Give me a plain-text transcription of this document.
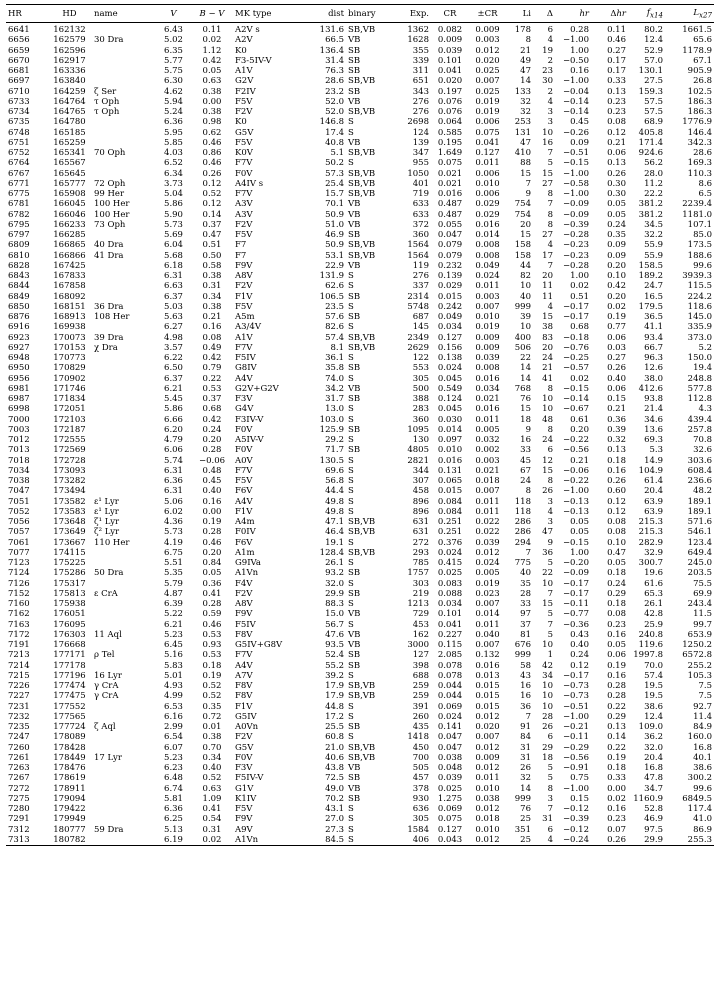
HR	HD	name	V	B − V	MK type	dist	binary	Exp.	CR	±CR	Li	Δ	hr	Δhr	$f_{x14}$	$L_{x27}$
6641	162132		6.43	0.11	A2V s	131.6	SB,VB	1362	0.082	0.009	178	6	0.28	0.11	80.2	1661.5
6656	162579	30 Dra	5.02	0.02	A2V	66.5	VB	1628	0.009	0.003	8	4	−1.00	0.46	12.4	65.6
6659	162596		6.35	1.12	K0	136.4	SB	355	0.039	0.012	21	19	1.00	0.27	52.9	1178.9
6670	162917		5.77	0.42	F3-5IV-V	31.4	SB	339	0.101	0.020	49	2	−0.50	0.17	57.0	67.1
6681	163336		5.75	0.05	A1V	76.3	SB	311	0.041	0.025	47	23	0.16	0.17	130.1	905.9
6697	163840		6.30	0.63	G2V	28.6	SB,VB	651	0.020	0.007	14	30	−1.00	0.33	27.5	26.8
6710	164259	ζ Ser	4.62	0.38	F2IV	23.2	SB	343	0.197	0.025	133	2	−0.04	0.13	159.3	102.5
6733	164764	τ Oph	5.94	0.00	F5V	52.0	VB	276	0.076	0.019	32	4	−0.14	0.23	57.5	186.3
6734	164765	τ Oph	5.24	0.38	F2V	52.0	SB,VB	276	0.076	0.019	32	3	−0.14	0.23	57.5	186.3
6735	164780		6.36	0.98	K0	146.8	S	2698	0.064	0.006	253	3	0.45	0.08	68.9	1776.9
6748	165185		5.95	0.62	G5V	17.4	S	124	0.585	0.075	131	10	−0.26	0.12	405.8	146.4
6751	165259		5.85	0.46	F5V	40.8	VB	139	0.195	0.041	47	16	0.09	0.21	171.4	342.3
6752	165341	70 Oph	4.03	0.86	K0V	5.1	SB,VB	347	1.649	0.127	410	7	−0.51	0.06	924.6	28.6
6764	165567		6.52	0.46	F7V	50.2	S	955	0.075	0.011	88	5	−0.15	0.13	56.2	169.3
6767	165645		6.34	0.26	F0V	57.3	SB,VB	1050	0.021	0.006	15	15	−1.00	0.26	28.0	110.3
6771	165777	72 Oph	3.73	0.12	A4IV s	25.4	SB,VB	401	0.021	0.010	7	27	−0.58	0.30	11.2	8.6
6775	165908	99 Her	5.04	0.52	F7V	15.7	SB,VB	719	0.016	0.006	9	8	−1.00	0.30	22.2	6.5
6781	166045	100 Her	5.86	0.12	A3V	70.1	VB	633	0.487	0.029	754	7	−0.09	0.05	381.2	2239.4
6782	166046	100 Her	5.90	0.14	A3V	50.9	VB	633	0.487	0.029	754	8	−0.09	0.05	381.2	1181.0
6795	166233	73 Oph	5.73	0.37	F2V	51.0	VB	372	0.055	0.016	20	8	−0.39	0.24	34.5	107.1
6797	166285		5.69	0.47	F5V	46.9	SB	360	0.047	0.014	15	27	−0.28	0.35	32.2	85.0
6809	166865	40 Dra	6.04	0.51	F7	50.9	SB,VB	1564	0.079	0.008	158	4	−0.23	0.09	55.9	173.5
6810	166866	41 Dra	5.68	0.50	F7	53.1	SB,VB	1564	0.079	0.008	158	17	−0.23	0.09	55.9	188.6
6828	167425		6.18	0.58	F9V	22.9	VB	119	0.232	0.049	44	7	−0.28	0.20	158.5	99.6
6843	167833		6.31	0.38	A8V	131.9	S	276	0.139	0.024	82	20	1.00	0.10	189.2	3939.3
6844	167858		6.63	0.31	F2V	62.6	S	337	0.029	0.011	10	11	0.02	0.42	24.7	115.5
6849	168092		6.37	0.34	F1V	106.5	SB	2314	0.015	0.003	40	11	0.51	0.20	16.5	224.2
6850	168151	36 Dra	5.03	0.38	F5V	23.5	S	5748	0.242	0.007	999	4	−0.17	0.02	179.5	118.6
6876	168913	108 Her	5.63	0.21	A5m	57.6	SB	687	0.049	0.010	39	15	−0.17	0.19	36.5	145.0
6916	169938		6.27	0.16	A3/4V	82.6	S	145	0.034	0.019	10	38	0.68	0.77	41.1	335.9
6923	170073	39 Dra	4.98	0.08	A1V	57.4	SB,VB	2349	0.127	0.009	400	83	−0.18	0.06	93.4	373.0
6927	170153	χ Dra	3.57	0.49	F7V	8.1	SB,VB	2629	0.156	0.009	506	20	−0.76	0.03	66.7	5.2
6948	170773		6.22	0.42	F5IV	36.1	S	122	0.138	0.039	22	24	−0.25	0.27	96.3	150.0
6950	170829		6.50	0.79	G8IV	35.8	SB	553	0.024	0.008	14	21	−0.57	0.26	12.6	19.4
6956	170902		6.37	0.22	A4V	74.0	S	305	0.045	0.016	14	41	0.02	0.40	38.0	248.8
6981	171746		6.21	0.53	G2V+G2V	34.2	VB	500	0.549	0.034	768	8	−0.15	0.06	412.6	577.8
6987	171834		5.45	0.37	F3V	31.7	SB	388	0.124	0.021	76	10	−0.14	0.15	93.8	112.8
6998	172051		5.86	0.68	G4V	13.0	S	283	0.045	0.016	15	10	−0.67	0.21	21.4	4.3
7000	172103		6.66	0.42	F3IV-V	103.0	S	360	0.030	0.011	18	48	0.61	0.36	34.6	439.4
7003	172187		6.20	0.24	F0V	125.9	SB	1095	0.014	0.005	9	8	0.20	0.39	13.6	257.8
7012	172555		4.79	0.20	A5IV-V	29.2	S	130	0.097	0.032	16	24	−0.22	0.32	69.3	70.8
7013	172569		6.06	0.28	F0V	71.7	SB	4805	0.010	0.002	33	6	−0.56	0.13	5.3	32.6
7018	172728		5.74	−0.06	A0V	130.5	S	2821	0.016	0.003	45	12	0.21	0.18	14.9	303.6
7034	173093		6.31	0.48	F7V	69.6	S	344	0.131	0.021	67	15	−0.06	0.16	104.9	608.4
7038	173282		6.36	0.45	F5V	56.8	S	307	0.065	0.018	24	8	−0.22	0.26	61.4	236.6
7047	173494		6.31	0.40	F6V	44.4	S	458	0.015	0.007	8	26	−1.00	0.60	20.4	48.2
7051	173582	ε¹ Lyr	5.06	0.16	A4V	49.8	S	896	0.084	0.011	118	3	−0.13	0.12	63.9	189.1
7052	173583	ε¹ Lyr	6.02	0.00	F1V	49.8	S	896	0.084	0.011	118	4	−0.13	0.12	63.9	189.1
7056	173648	ζ¹ Lyr	4.36	0.19	A4m	47.1	SB,VB	631	0.251	0.022	286	3	0.05	0.08	215.3	571.6
7057	173649	ζ² Lyr	5.73	0.28	F0IV	46.4	SB,VB	631	0.251	0.022	286	47	0.05	0.08	215.3	546.1
7061	173667	110 Her	4.19	0.46	F6V	19.1	S	272	0.376	0.039	294	9	−0.15	0.10	282.9	123.4
7077	174115		6.75	0.20	A1m	128.4	SB,VB	293	0.024	0.012	7	36	1.00	0.47	32.9	649.4
7123	175225		5.51	0.84	G9IVa	26.1	S	785	0.415	0.024	775	5	−0.20	0.05	300.7	245.0
7124	175286	50 Dra	5.35	0.05	A1Vn	93.2	SB	1757	0.025	0.005	40	22	−0.09	0.18	19.6	203.5
7126	175317		5.79	0.36	F4V	32.0	S	303	0.083	0.019	35	10	−0.17	0.24	61.6	75.5
7152	175813	ε CrA	4.87	0.41	F2V	29.9	SB	219	0.088	0.023	28	7	−0.17	0.29	65.3	69.9
7160	175938		6.39	0.28	A8V	88.3	S	1213	0.034	0.007	33	15	−0.11	0.18	26.1	243.4
7162	176051		5.22	0.59	F9V	15.0	VB	729	0.101	0.014	97	5	−0.77	0.08	42.8	11.5
7163	176095		6.21	0.46	F5IV	56.7	S	453	0.041	0.011	37	7	−0.36	0.23	25.9	99.7
7172	176303	11 Aql	5.23	0.53	F8V	47.6	VB	162	0.227	0.040	81	5	0.43	0.16	240.8	653.9
7191	176668		6.45	0.93	G5IV+G8V	93.5	VB	3000	0.115	0.007	676	10	0.40	0.05	119.6	1250.2
7213	177171	ρ Tel	5.16	0.53	F7V	52.4	SB	127	2.085	0.132	999	1	0.24	0.06	1997.8	6572.8
7214	177178		5.83	0.18	A4V	55.2	SB	398	0.078	0.016	58	42	0.12	0.19	70.0	255.2
7215	177196	16 Lyr	5.01	0.19	A7V	39.2	S	688	0.078	0.013	43	34	−0.17	0.16	57.4	105.3
7226	177474	γ CrA	4.93	0.52	F8V	17.9	SB,VB	259	0.044	0.015	16	10	−0.73	0.28	19.5	7.5
7227	177475	γ CrA	4.99	0.52	F8V	17.9	SB,VB	259	0.044	0.015	16	10	−0.73	0.28	19.5	7.5
7231	177552		6.53	0.35	F1V	44.8	S	391	0.069	0.015	36	10	−0.51	0.22	38.6	92.7
7232	177565		6.16	0.72	G5IV	17.2	S	260	0.024	0.012	7	28	−1.00	0.29	12.4	11.4
7235	177724	ζ Aql	2.99	0.01	A0Vn	25.5	SB	435	0.141	0.020	91	26	−0.21	0.13	109.0	84.9
7247	178089		6.54	0.38	F2V	60.8	S	1418	0.047	0.007	84	6	−0.11	0.14	36.2	160.0
7260	178428		6.07	0.70	G5V	21.0	SB,VB	450	0.047	0.012	31	29	−0.29	0.22	32.0	16.8
7261	178449	17 Lyr	5.23	0.34	F0V	40.6	SB,VB	700	0.038	0.009	31	18	−0.56	0.19	20.4	40.1
7263	178476		6.23	0.40	F3V	43.8	VB	505	0.048	0.012	26	5	−0.91	0.18	16.8	38.6
7267	178619		6.48	0.52	F5IV-V	72.5	SB	457	0.039	0.011	32	5	0.75	0.33	47.8	300.2
7272	178911		6.74	0.63	G1V	49.0	VB	378	0.025	0.010	14	8	−1.00	0.00	34.7	99.6
7275	179094		5.81	1.09	K1IV	70.2	SB	930	1.275	0.038	999	3	0.15	0.02	1160.9	6849.5
7280	179422		6.36	0.41	F5V	43.1	S	636	0.069	0.012	76	7	−0.12	0.16	52.8	117.4
7291	179949		6.25	0.54	F9V	27.0	S	305	0.075	0.018	25	31	−0.39	0.23	46.9	41.0
7312	180777	59 Dra	5.13	0.31	A9V	27.3	S	1584	0.127	0.010	351	6	−0.12	0.07	97.5	86.9
7313	180782		6.19	0.02	A1Vn	84.5	S	406	0.043	0.012	25	4	−0.24	0.26	29.9	255.3
